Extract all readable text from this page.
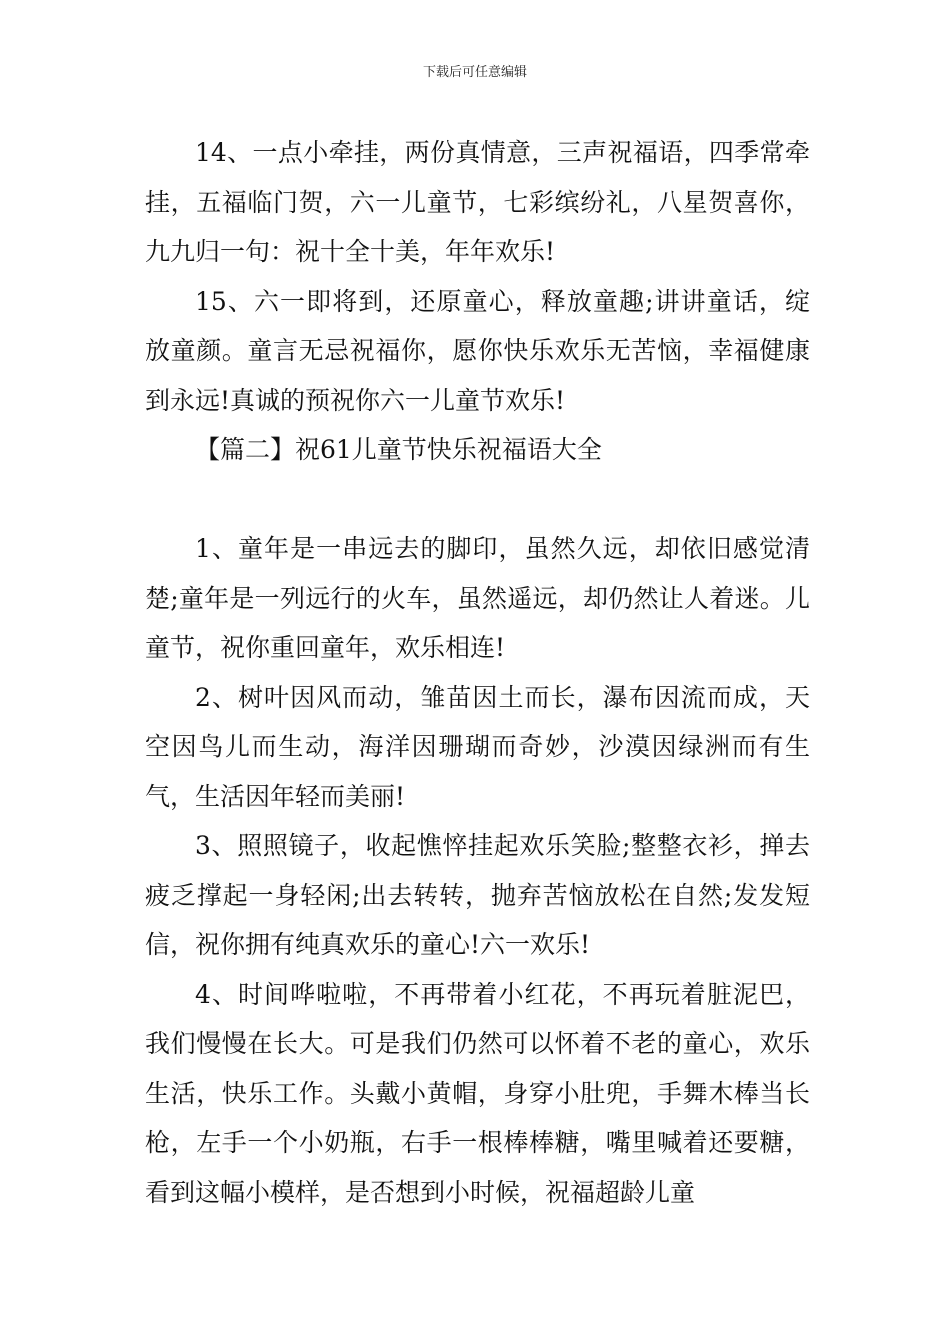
下载后可任意编辑

14、一点小牵挂，两份真情意，三声祝福语，四季常牵挂，五福临门贺，六一儿童节，七彩缤纷礼，八星贺喜你，九九归一句：祝十全十美，年年欢乐!

15、六一即将到，还原童心，释放童趣;讲讲童话，绽放童颜。童言无忌祝福你，愿你快乐欢乐无苦恼，幸福健康到永远!真诚的预祝你六一儿童节欢乐!

【篇二】祝61儿童节快乐祝福语大全

1、童年是一串远去的脚印，虽然久远，却依旧感觉清楚;童年是一列远行的火车，虽然遥远，却仍然让人着迷。儿童节，祝你重回童年，欢乐相连!

2、树叶因风而动，雏苗因土而长，瀑布因流而成，天空因鸟儿而生动，海洋因珊瑚而奇妙，沙漠因绿洲而有生气，生活因年轻而美丽!

3、照照镜子，收起憔悴挂起欢乐笑脸;整整衣衫，掸去疲乏撑起一身轻闲;出去转转，抛弃苦恼放松在自然;发发短信，祝你拥有纯真欢乐的童心!六一欢乐!

4、时间哗啦啦，不再带着小红花，不再玩着脏泥巴，我们慢慢在长大。可是我们仍然可以怀着不老的童心，欢乐生活，快乐工作。头戴小黄帽，身穿小肚兜，手舞木棒当长枪，左手一个小奶瓶，右手一根棒棒糖，嘴里喊着还要糖，看到这幅小模样，是否想到小时候，祝福超龄儿童
